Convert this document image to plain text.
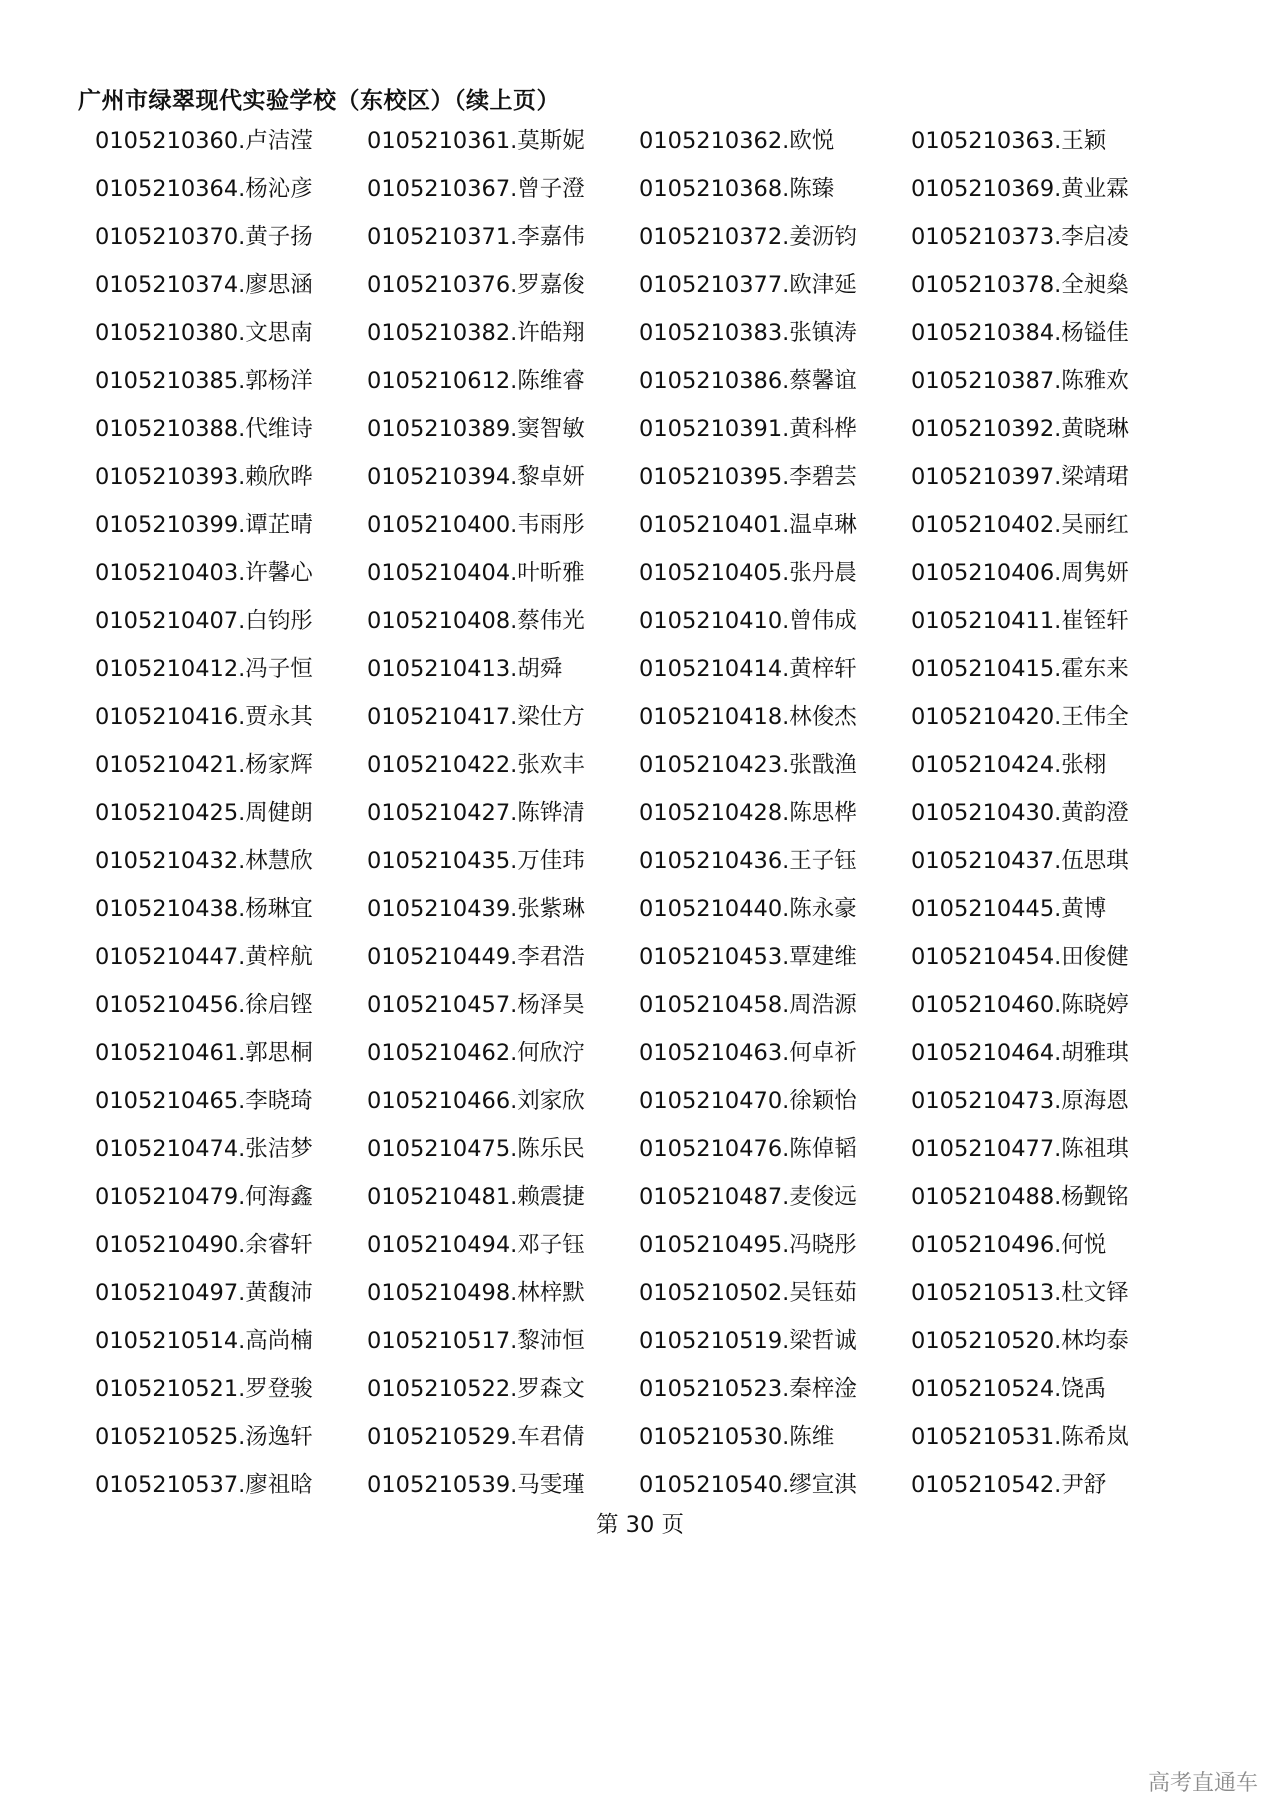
广州市绿翠现代实验学校（东校区）（续上页）
0105210360.卢洁滢	0105210361.莫斯妮	0105210362.欧悦	0105210363.王颖
0105210364.杨沁彦	0105210367.曾子澄	0105210368.陈臻	0105210369.黄业霖
0105210370.黄子扬	0105210371.李嘉伟	0105210372.姜沥钧	0105210373.李启凌
0105210374.廖思涵	0105210376.罗嘉俊	0105210377.欧津延	0105210378.全昶燊
0105210380.文思南	0105210382.许皓翔	0105210383.张镇涛	0105210384.杨镒佳
0105210385.郭杨洋	0105210612.陈维睿	0105210386.蔡馨谊	0105210387.陈雅欢
0105210388.代维诗	0105210389.窦智敏	0105210391.黄科桦	0105210392.黄晓琳
0105210393.赖欣晔	0105210394.黎卓妍	0105210395.李碧芸	0105210397.梁靖珺
0105210399.谭芷晴	0105210400.韦雨彤	0105210401.温卓琳	0105210402.吴丽红
0105210403.许馨心	0105210404.叶昕雅	0105210405.张丹晨	0105210406.周隽妍
0105210407.白钧彤	0105210408.蔡伟光	0105210410.曾伟成	0105210411.崔铚轩
0105210412.冯子恒	0105210413.胡舜	0105210414.黄梓轩	0105210415.霍东来
0105210416.贾永其	0105210417.梁仕方	0105210418.林俊杰	0105210420.王伟全
0105210421.杨家辉	0105210422.张欢丰	0105210423.张戬渔	0105210424.张栩
0105210425.周健朗	0105210427.陈铧清	0105210428.陈思桦	0105210430.黄韵澄
0105210432.林慧欣	0105210435.万佳玮	0105210436.王子钰	0105210437.伍思琪
0105210438.杨琳宜	0105210439.张紫琳	0105210440.陈永豪	0105210445.黄博
0105210447.黄梓航	0105210449.李君浩	0105210453.覃建维	0105210454.田俊健
0105210456.徐启铿	0105210457.杨泽昊	0105210458.周浩源	0105210460.陈晓婷
0105210461.郭思桐	0105210462.何欣泞	0105210463.何卓祈	0105210464.胡雅琪
0105210465.李晓琦	0105210466.刘家欣	0105210470.徐颖怡	0105210473.原海恩
0105210474.张洁梦	0105210475.陈乐民	0105210476.陈倬韬	0105210477.陈祖琪
0105210479.何海鑫	0105210481.赖震捷	0105210487.麦俊远	0105210488.杨觐铭
0105210490.余睿轩	0105210494.邓子钰	0105210495.冯晓彤	0105210496.何悦
0105210497.黄馥沛	0105210498.林梓默	0105210502.吴钰茹	0105210513.杜文铎
0105210514.高尚楠	0105210517.黎沛恒	0105210519.梁哲诚	0105210520.林均泰
0105210521.罗登骏	0105210522.罗森文	0105210523.秦梓淦	0105210524.饶禹
0105210525.汤逸轩	0105210529.车君倩	0105210530.陈维	0105210531.陈希岚
0105210537.廖祖晗	0105210539.马雯瑾	0105210540.缪宣淇	0105210542.尹舒
第 30 页
高考直通车
